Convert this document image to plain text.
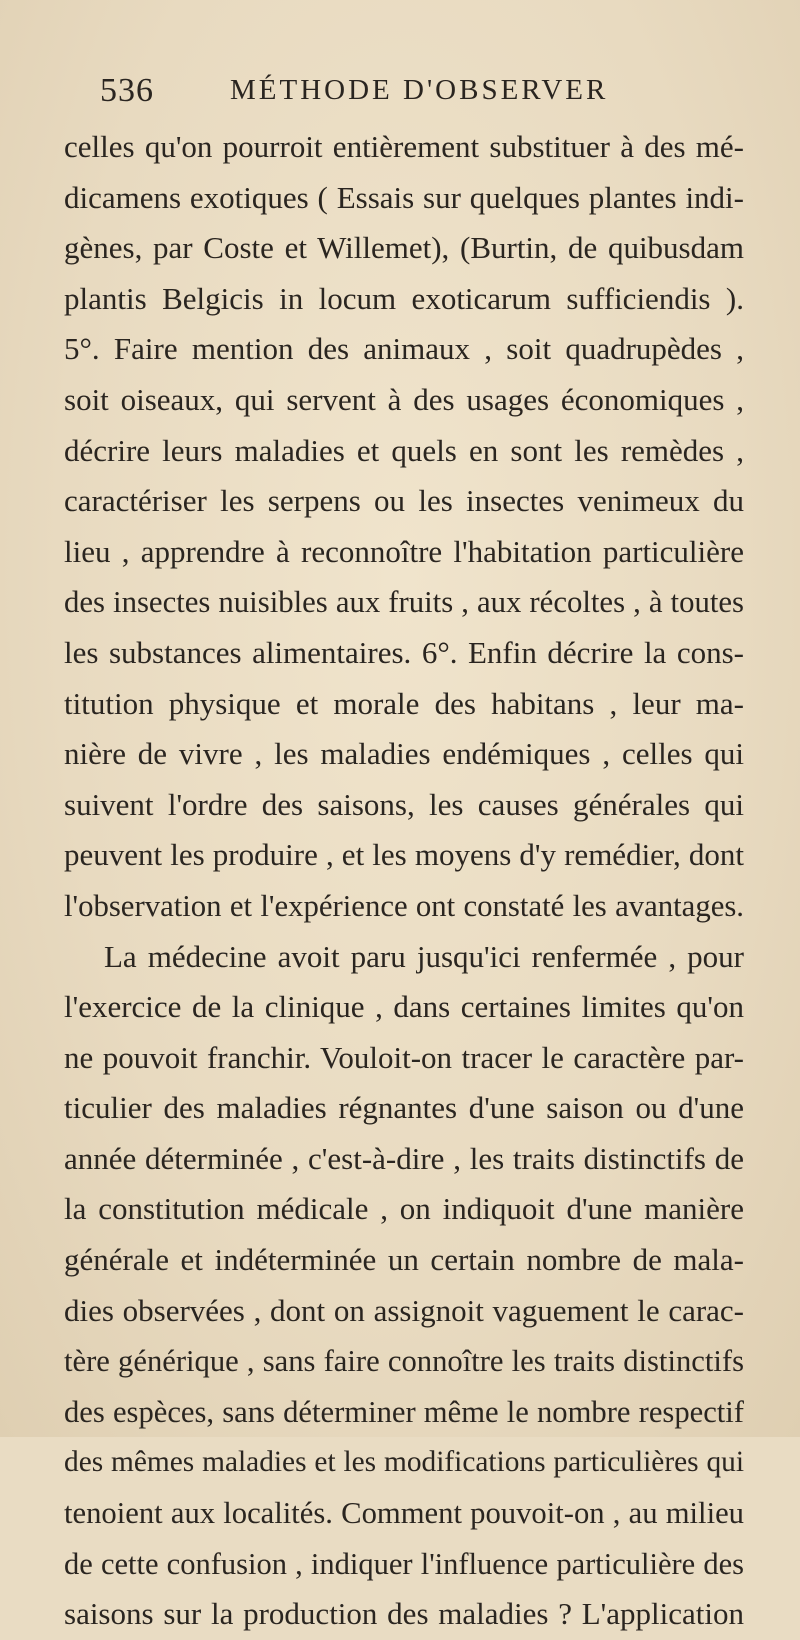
536	MÉTHODE D'OBSERVER
celles qu'on pourroit entièrement substituer à des mé-
dicamens exotiques ( Essais sur quelques plantes indi-
gènes, par Coste et Willemet), (Burtin, de quibusdam
plantis Belgicis in locum exoticarum sufficiendis ).
5°. Faire mention des animaux , soit quadrupèdes ,
soit oiseaux, qui servent à des usages économiques ,
décrire leurs maladies et quels en sont les remèdes ,
caractériser les serpens ou les insectes venimeux du
lieu , apprendre à reconnoître l'habitation particulière
des insectes nuisibles aux fruits , aux récoltes , à toutes
les substances alimentaires. 6°. Enfin décrire la cons-
titution physique et morale des habitans , leur ma-
nière de vivre , les maladies endémiques , celles qui
suivent l'ordre des saisons, les causes générales qui
peuvent les produire , et les moyens d'y remédier, dont
l'observation et l'expérience ont constaté les avantages.
La médecine avoit paru jusqu'ici renfermée , pour
l'exercice de la clinique , dans certaines limites qu'on
ne pouvoit franchir. Vouloit-on tracer le caractère par-
ticulier des maladies régnantes d'une saison ou d'une
année déterminée , c'est-à-dire , les traits distinctifs de
la constitution médicale , on indiquoit d'une manière
générale et indéterminée un certain nombre de mala-
dies observées , dont on assignoit vaguement le carac-
tère générique , sans faire connoître les traits distinctifs
des espèces, sans déterminer même le nombre respectif
des mêmes maladies et les modifications particulières qui
tenoient aux localités. Comment pouvoit-on , au milieu
de cette confusion , indiquer l'influence particulière des
saisons sur la production des maladies ? L'application
